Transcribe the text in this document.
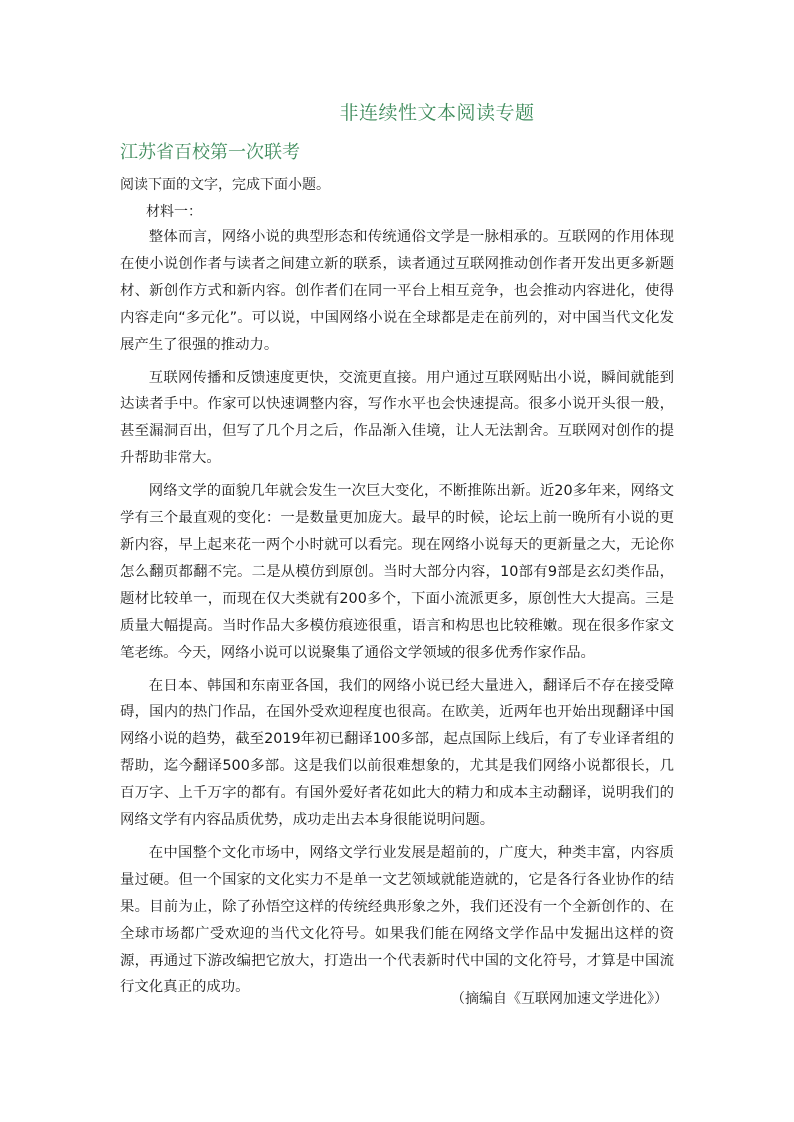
非连续性文本阅读专题
江苏省百校第一次联考
阅读下面的文字，完成下面小题。
材料一：

整体而言，网络小说的典型形态和传统通俗文学是一脉相承的。互联网的作用体现在使小说创作者与读者之间建立新的联系，读者通过互联网推动创作者开发出更多新题材、新创作方式和新内容。创作者们在同一平台上相互竞争，也会推动内容进化，使得内容走向“多元化”。可以说，中国网络小说在全球都是走在前列的，对中国当代文化发展产生了很强的推动力。

互联网传播和反馈速度更快，交流更直接。用户通过互联网贴出小说，瞬间就能到达读者手中。作家可以快速调整内容，写作水平也会快速提高。很多小说开头很一般，甚至漏洞百出，但写了几个月之后，作品渐入佳境，让人无法割舍。互联网对创作的提升帮助非常大。

网络文学的面貌几年就会发生一次巨大变化，不断推陈出新。近20多年来，网络文学有三个最直观的变化：一是数量更加庞大。最早的时候，论坛上前一晚所有小说的更新内容，早上起来花一两个小时就可以看完。现在网络小说每天的更新量之大，无论你怎么翻页都翻不完。二是从模仿到原创。当时大部分内容，10部有9部是玄幻类作品，题材比较单一，而现在仅大类就有200多个，下面小流派更多，原创性大大提高。三是质量大幅提高。当时作品大多模仿痕迹很重，语言和构思也比较稚嫩。现在很多作家文笔老练。今天，网络小说可以说聚集了通俗文学领域的很多优秀作家作品。

在日本、韩国和东南亚各国，我们的网络小说已经大量进入，翻译后不存在接受障碍，国内的热门作品，在国外受欢迎程度也很高。在欧美，近两年也开始出现翻译中国网络小说的趋势，截至2019年初已翻译100多部，起点国际上线后，有了专业译者组的帮助，迄今翻译500多部。这是我们以前很难想象的，尤其是我们网络小说都很长，几百万字、上千万字的都有。有国外爱好者花如此大的精力和成本主动翻译，说明我们的网络文学有内容品质优势，成功走出去本身很能说明问题。

在中国整个文化市场中，网络文学行业发展是超前的，广度大，种类丰富，内容质量过硬。但一个国家的文化实力不是单一文艺领域就能造就的，它是各行各业协作的结果。目前为止，除了孙悟空这样的传统经典形象之外，我们还没有一个全新创作的、在全球市场都广受欢迎的当代文化符号。如果我们能在网络文学作品中发掘出这样的资源，再通过下游改编把它放大，打造出一个代表新时代中国的文化符号，才算是中国流行文化真正的成功。

（摘编自《互联网加速文学进化》）
